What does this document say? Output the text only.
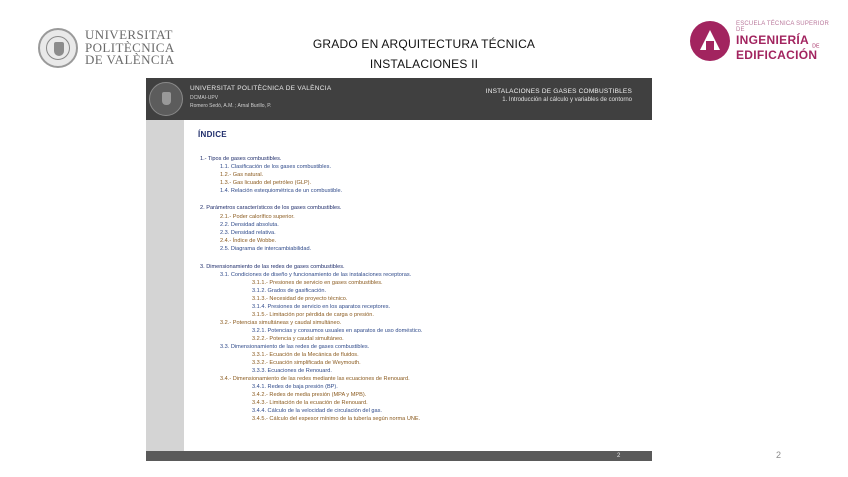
UNIVERSITAT
POLITÈCNICA
DE VALÈNCIA
GRADO EN ARQUITECTURA TÉCNICA
INSTALACIONES II
ESCUELA TÉCNICA SUPERIOR DE
INGENIERÍA $_{DE}$
EDIFICACIÓN
UNIVERSITAT POLITÈCNICA DE VALÈNCIA
DCMAI-UPV
Romero Sedó, A.M. ; Arnal Burillo, P.
INSTALACIONES DE GASES COMBUSTIBLES
1. Introducción al cálculo y variables de contorno
ÍNDICE
1.- Tipos de gases combustibles.
1.1. Clasificación de los gases combustibles.
1.2.- Gas natural.
1.3.- Gas licuado del petróleo (GLP).
1.4. Relación estequiométrica de un combustible.
2. Parámetros característicos de los gases combustibles.
2.1.- Poder calorífico superior.
2.2. Densidad absoluta.
2.3. Densidad relativa.
2.4.- Índice de Wobbe.
2.5. Diagrama de intercambiabilidad.
3. Dimensionamiento de las redes de gases combustibles.
3.1. Condiciones de diseño y funcionamiento de las instalaciones receptoras.
3.1.1.- Presiones de servicio en gases combustibles.
3.1.2. Grados de gasificación.
3.1.3.- Necesidad de proyecto técnico.
3.1.4. Presiones de servicio en los aparatos receptores.
3.1.5.- Limitación por pérdida de carga o presión.
3.2.- Potencias simultáneas y caudal simultáneo.
3.2.1. Potencias y consumos usuales en aparatos de uso doméstico.
3.2.2.- Potencia y caudal simultáneo.
3.3. Dimensionamiento de las redes de gases combustibles.
3.3.1.- Ecuación de la Mecánica de fluidos.
3.3.2.- Ecuación simplificada de Weymouth.
3.3.3. Ecuaciones de Renouard.
3.4.- Dimensionamiento de las redes mediante las ecuaciones de Renouard.
3.4.1. Redes de baja presión (BP).
3.4.2.- Redes de media presión (MPA y MPB).
3.4.3.- Limitación de la ecuación de Renouard.
3.4.4. Cálculo de la velocidad de circulación del gas.
3.4.5.- Cálculo del espesor mínimo de la tubería según norma UNE.
2	2
